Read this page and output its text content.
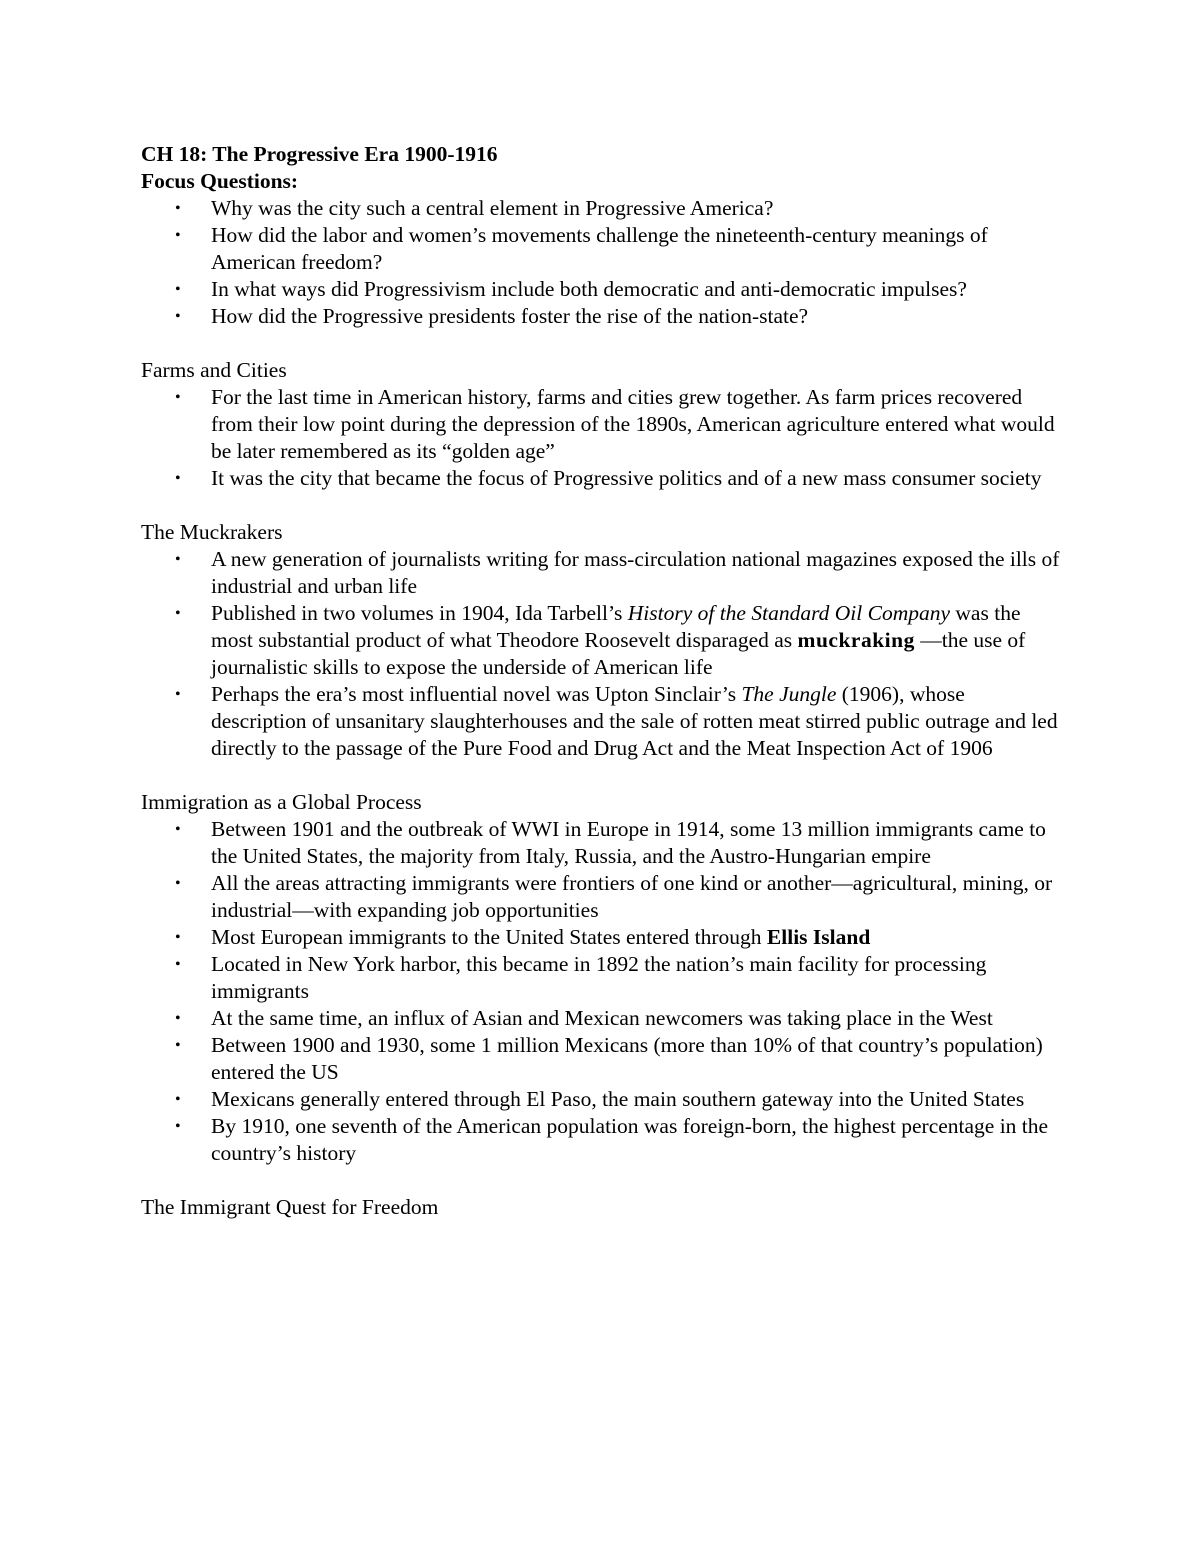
CH 18: The Progressive Era 1900-1916

Focus Questions:

• Why was the city such a central element in Progressive America?
• How did the labor and women’s movements challenge the nineteenth-century meanings of American freedom?
• In what ways did Progressivism include both democratic and anti-democratic impulses?
• How did the Progressive presidents foster the rise of the nation-state?

Farms and Cities

• For the last time in American history, farms and cities grew together. As farm prices recovered from their low point during the depression of the 1890s, American agriculture entered what would be later remembered as its “golden age”
• It was the city that became the focus of Progressive politics and of a new mass consumer society

The Muckrakers

• A new generation of journalists writing for mass-circulation national magazines exposed the ills of industrial and urban life
• Published in two volumes in 1904, Ida Tarbell’s History of the Standard Oil Company was the most substantial product of what Theodore Roosevelt disparaged as muckraking —the use of journalistic skills to expose the underside of American life
• Perhaps the era’s most influential novel was Upton Sinclair’s The Jungle (1906), whose description of unsanitary slaughterhouses and the sale of rotten meat stirred public outrage and led directly to the passage of the Pure Food and Drug Act and the Meat Inspection Act of 1906

Immigration as a Global Process

• Between 1901 and the outbreak of WWI in Europe in 1914, some 13 million immigrants came to the United States, the majority from Italy, Russia, and the Austro-Hungarian empire
• All the areas attracting immigrants were frontiers of one kind or another—agricultural, mining, or industrial—with expanding job opportunities
• Most European immigrants to the United States entered through Ellis Island
• Located in New York harbor, this became in 1892 the nation’s main facility for processing immigrants
• At the same time, an influx of Asian and Mexican newcomers was taking place in the West
• Between 1900 and 1930, some 1 million Mexicans (more than 10% of that country’s population) entered the US
• Mexicans generally entered through El Paso, the main southern gateway into the United States
• By 1910, one seventh of the American population was foreign-born, the highest percentage in the country’s history

The Immigrant Quest for Freedom
